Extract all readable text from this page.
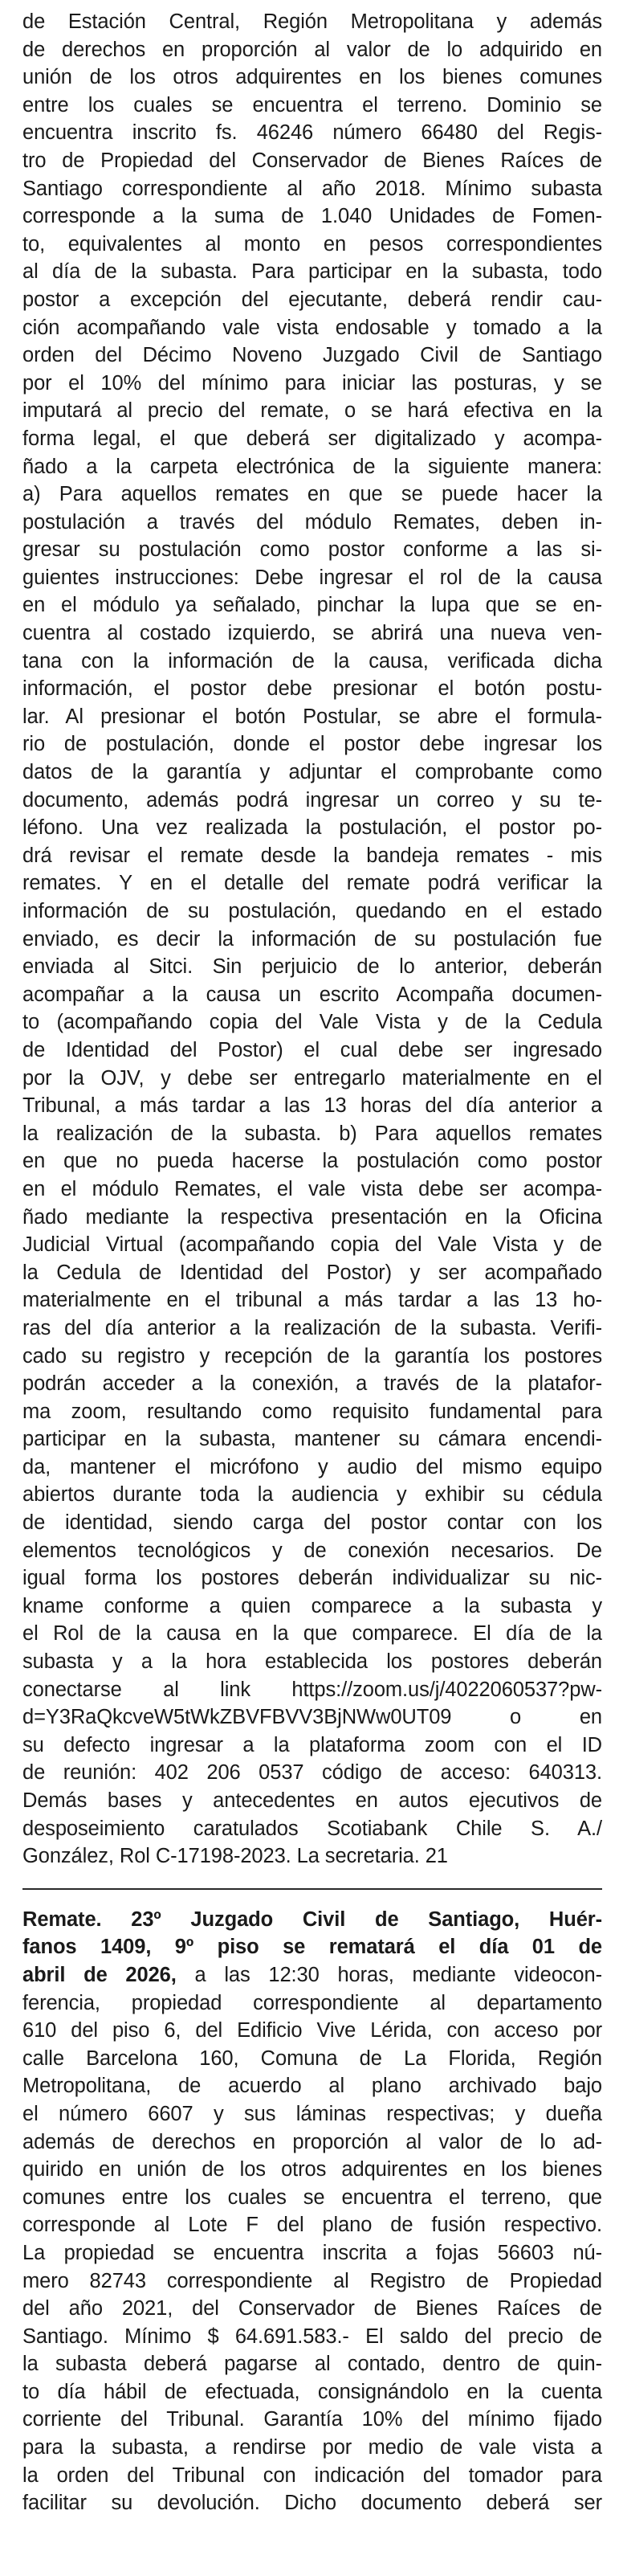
de Estación Central, Región Metropolitana y además
de derechos en proporción al valor de lo adquirido en
unión de los otros adquirentes en los bienes comunes
entre los cuales se encuentra el terreno. Dominio se
encuentra inscrito fs. 46246 número 66480 del Regis-
tro de Propiedad del Conservador de Bienes Raíces de
Santiago correspondiente al año 2018. Mínimo subasta
corresponde a la suma de 1.040 Unidades de Fomen-
to, equivalentes al monto en pesos correspondientes
al día de la subasta. Para participar en la subasta, todo
postor a excepción del ejecutante, deberá rendir cau-
ción acompañando vale vista endosable y tomado a la
orden del Décimo Noveno Juzgado Civil de Santiago
por el 10% del mínimo para iniciar las posturas, y se
imputará al precio del remate, o se hará efectiva en la
forma legal, el que deberá ser digitalizado y acompa-
ñado a la carpeta electrónica de la siguiente manera:
a) Para aquellos remates en que se puede hacer la
postulación a través del módulo Remates, deben in-
gresar su postulación como postor conforme a las si-
guientes instrucciones: Debe ingresar el rol de la causa
en el módulo ya señalado, pinchar la lupa que se en-
cuentra al costado izquierdo, se abrirá una nueva ven-
tana con la información de la causa, verificada dicha
información, el postor debe presionar el botón postu-
lar. Al presionar el botón Postular, se abre el formula-
rio de postulación, donde el postor debe ingresar los
datos de la garantía y adjuntar el comprobante como
documento, además podrá ingresar un correo y su te-
léfono. Una vez realizada la postulación, el postor po-
drá revisar el remate desde la bandeja remates - mis
remates. Y en el detalle del remate podrá verificar la
información de su postulación, quedando en el estado
enviado, es decir la información de su postulación fue
enviada al Sitci. Sin perjuicio de lo anterior, deberán
acompañar a la causa un escrito Acompaña documen-
to (acompañando copia del Vale Vista y de la Cedula
de Identidad del Postor) el cual debe ser ingresado
por la OJV, y debe ser entregarlo materialmente en el
Tribunal, a más tardar a las 13 horas del día anterior a
la realización de la subasta. b) Para aquellos remates
en que no pueda hacerse la postulación como postor
en el módulo Remates, el vale vista debe ser acompa-
ñado mediante la respectiva presentación en la Oficina
Judicial Virtual (acompañando copia del Vale Vista y de
la Cedula de Identidad del Postor) y ser acompañado
materialmente en el tribunal a más tardar a las 13 ho-
ras del día anterior a la realización de la subasta. Verifi-
cado su registro y recepción de la garantía los postores
podrán acceder a la conexión, a través de la platafor-
ma zoom, resultando como requisito fundamental para
participar en la subasta, mantener su cámara encendi-
da, mantener el micrófono y audio del mismo equipo
abiertos durante toda la audiencia y exhibir su cédula
de identidad, siendo carga del postor contar con los
elementos tecnológicos y de conexión necesarios. De
igual forma los postores deberán individualizar su nic-
kname conforme a quien comparece a la subasta y
el Rol de la causa en la que comparece. El día de la
subasta y a la hora establecida los postores deberán
conectarse al link https://zoom.us/j/4022060537?pw-
d=Y3RaQkcveW5tWkZBVFBVV3BjNWw0UT09 o en
su defecto ingresar a la plataforma zoom con el ID
de reunión: 402 206 0537 código de acceso: 640313.
Demás bases y antecedentes en autos ejecutivos de
desposeimiento caratulados Scotiabank Chile S. A./
González, Rol C-17198-2023. La secretaria. 21
Remate. 23º Juzgado Civil de Santiago, Huér-
fanos 1409, 9º piso se rematará el día 01 de
abril de 2026, a las 12:30 horas, mediante videocon-
ferencia, propiedad correspondiente al departamento
610 del piso 6, del Edificio Vive Lérida, con acceso por
calle Barcelona 160, Comuna de La Florida, Región
Metropolitana, de acuerdo al plano archivado bajo
el número 6607 y sus láminas respectivas; y dueña
además de derechos en proporción al valor de lo ad-
quirido en unión de los otros adquirentes en los bienes
comunes entre los cuales se encuentra el terreno, que
corresponde al Lote F del plano de fusión respectivo.
La propiedad se encuentra inscrita a fojas 56603 nú-
mero 82743 correspondiente al Registro de Propiedad
del año 2021, del Conservador de Bienes Raíces de
Santiago. Mínimo $ 64.691.583.- El saldo del precio de
la subasta deberá pagarse al contado, dentro de quin-
to día hábil de efectuada, consignándolo en la cuenta
corriente del Tribunal. Garantía 10% del mínimo fijado
para la subasta, a rendirse por medio de vale vista a
la orden del Tribunal con indicación del tomador para
facilitar su devolución. Dicho documento deberá ser
